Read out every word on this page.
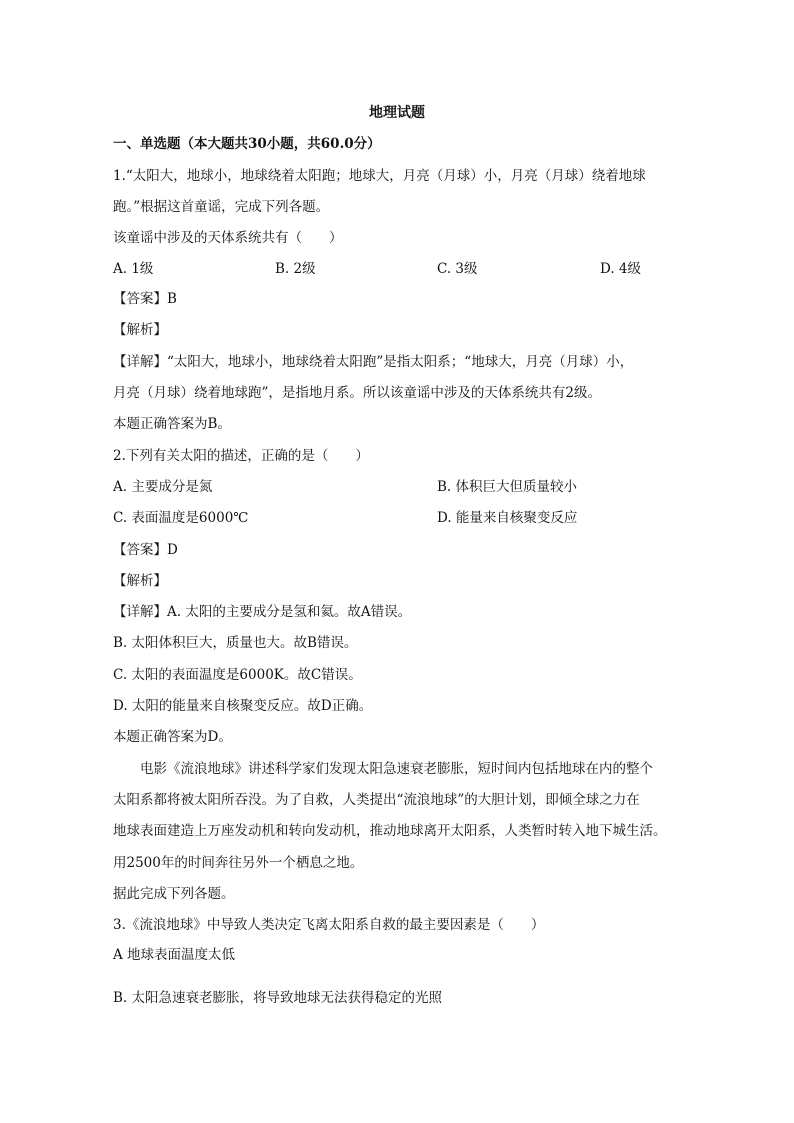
地理试题
一、单选题（本大题共30小题，共60.0分）
1.“太阳大，地球小，地球绕着太阳跑；地球大，月亮（月球）小，月亮（月球）绕着地球
跑。”根据这首童谣，完成下列各题。
该童谣中涉及的天体系统共有（　　）
A. 1级	B. 2级	C. 3级	D. 4级
【答案】B
【解析】
【详解】“太阳大，地球小，地球绕着太阳跑”是指太阳系；“地球大，月亮（月球）小，
月亮（月球）绕着地球跑”，是指地月系。所以该童谣中涉及的天体系统共有2级。
本题正确答案为B。
2.下列有关太阳的描述，正确的是（　　）
A. 主要成分是氮	B. 体积巨大但质量较小
C. 表面温度是6000℃	D. 能量来自核聚变反应
【答案】D
【解析】
【详解】A. 太阳的主要成分是氢和氦。故A错误。
B. 太阳体积巨大，质量也大。故B错误。
C. 太阳的表面温度是6000K。故C错误。
D. 太阳的能量来自核聚变反应。故D正确。
本题正确答案为D。
电影《流浪地球》讲述科学家们发现太阳急速衰老膨胀，短时间内包括地球在内的整个
太阳系都将被太阳所吞没。为了自救，人类提出“流浪地球”的大胆计划，即倾全球之力在
地球表面建造上万座发动机和转向发动机，推动地球离开太阳系，人类暂时转入地下城生活。
用2500年的时间奔往另外一个栖息之地。
据此完成下列各题。
3.《流浪地球》中导致人类决定飞离太阳系自救的最主要因素是（　　）
A 地球表面温度太低
B. 太阳急速衰老膨胀，将导致地球无法获得稳定的光照
